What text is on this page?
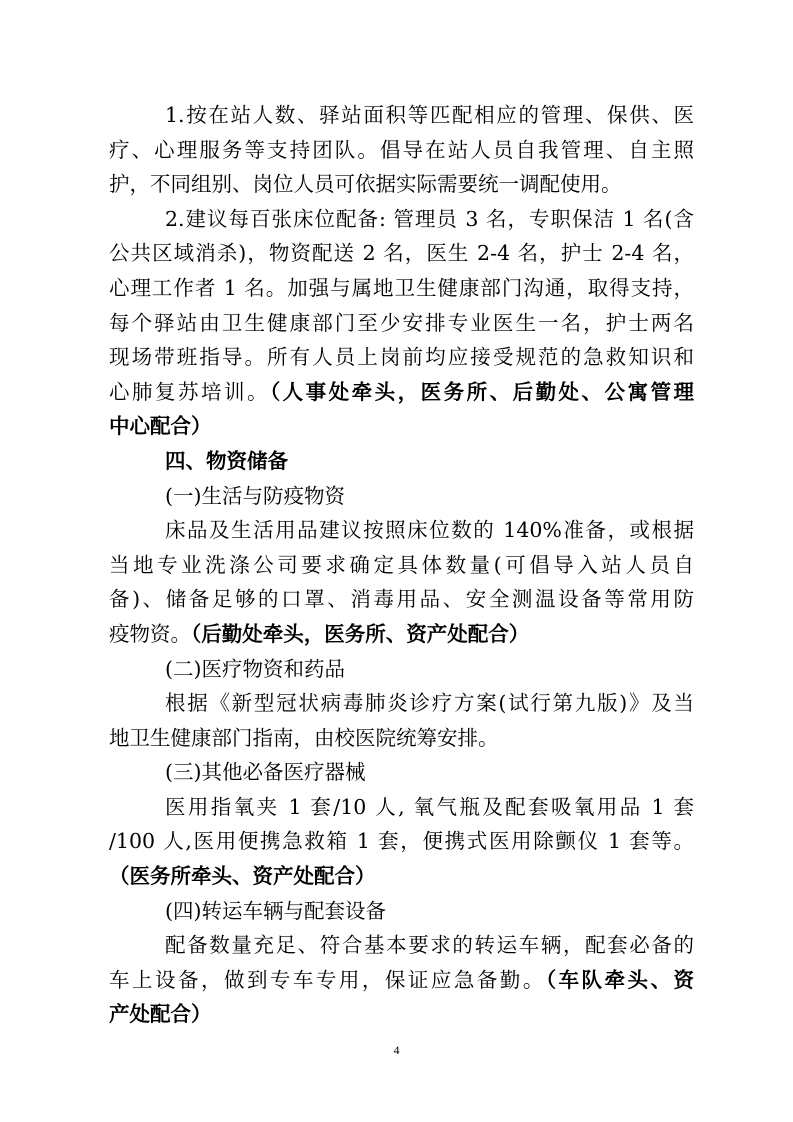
1.按在站人数、驿站面积等匹配相应的管理、保供、医
疗、心理服务等支持团队。倡导在站人员自我管理、自主照
护，不同组别、岗位人员可依据实际需要统一调配使用。
2.建议每百张床位配备: 管理员 3 名，专职保洁 1 名(含
公共区域消杀)，物资配送 2 名，医生 2-4 名，护士 2-4 名，
心理工作者 1 名。加强与属地卫生健康部门沟通，取得支持，
每个驿站由卫生健康部门至少安排专业医生一名，护士两名
现场带班指导。所有人员上岗前均应接受规范的急救知识和
心肺复苏培训。（人事处牵头，医务所、后勤处、公寓管理
中心配合）
四、物资储备
(一)生活与防疫物资
床品及生活用品建议按照床位数的 140%准备，或根据
当地专业洗涤公司要求确定具体数量(可倡导入站人员自
备)、储备足够的口罩、消毒用品、安全测温设备等常用防
疫物资。（后勤处牵头，医务所、资产处配合）
(二)医疗物资和药品
根据《新型冠状病毒肺炎诊疗方案(试行第九版)》及当
地卫生健康部门指南，由校医院统筹安排。
(三)其他必备医疗器械
医用指氧夹 1 套/10 人, 氧气瓶及配套吸氧用品 1 套
/100 人,医用便携急救箱 1 套，便携式医用除颤仪 1 套等。
（医务所牵头、资产处配合）
(四)转运车辆与配套设备
配备数量充足、符合基本要求的转运车辆，配套必备的
车上设备，做到专车专用，保证应急备勤。（车队牵头、资
产处配合）
4
